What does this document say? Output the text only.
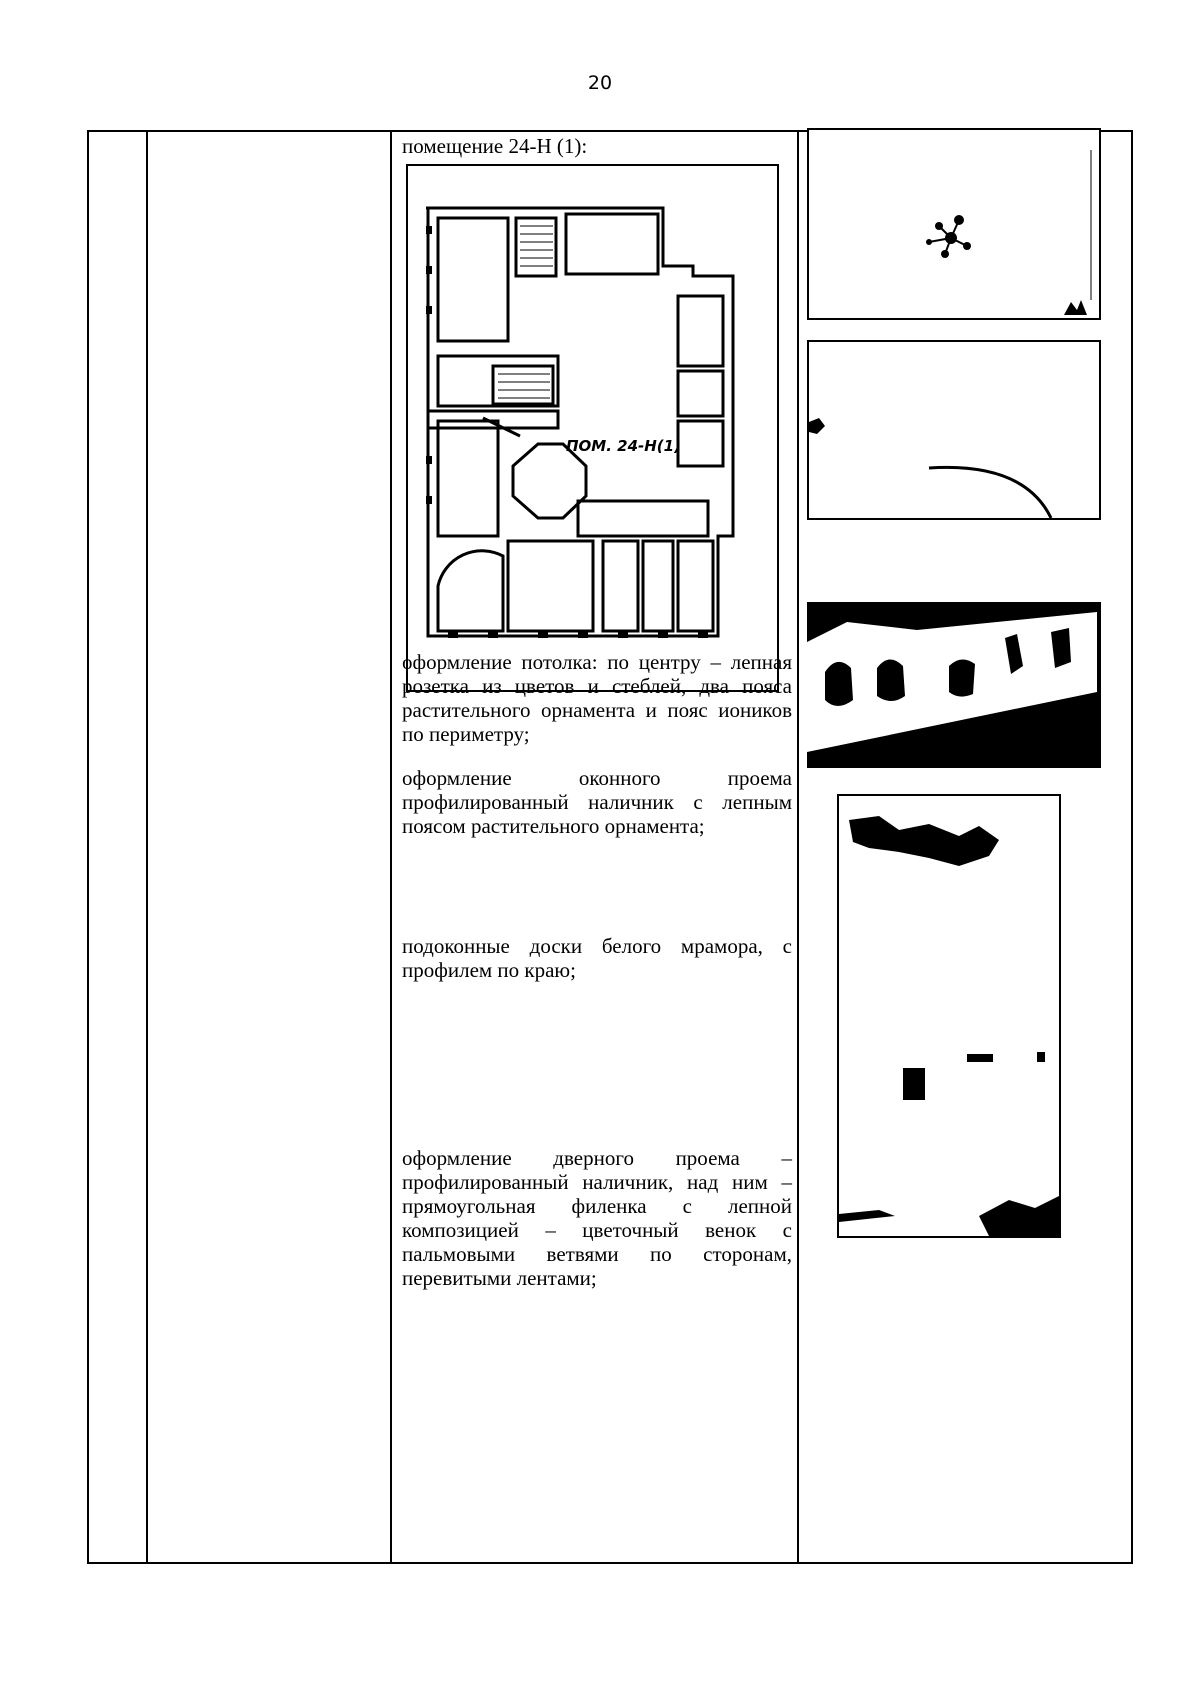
20
помещение 24-Н (1):
ПОМ. 24-Н(1)
оформление потолка: по центру – лепная розетка из цветов и стеблей, два пояса растительного орнамента и пояс иоников по периметру;
оформление оконного проема профилированный наличник с лепным поясом растительного орнамента;
подоконные доски белого мрамора, с профилем по краю;
оформление дверного проема – профилированный наличник, над ним – прямоугольная филенка с лепной композицией – цветочный венок с пальмовыми ветвями по сторонам, перевитыми лентами;
